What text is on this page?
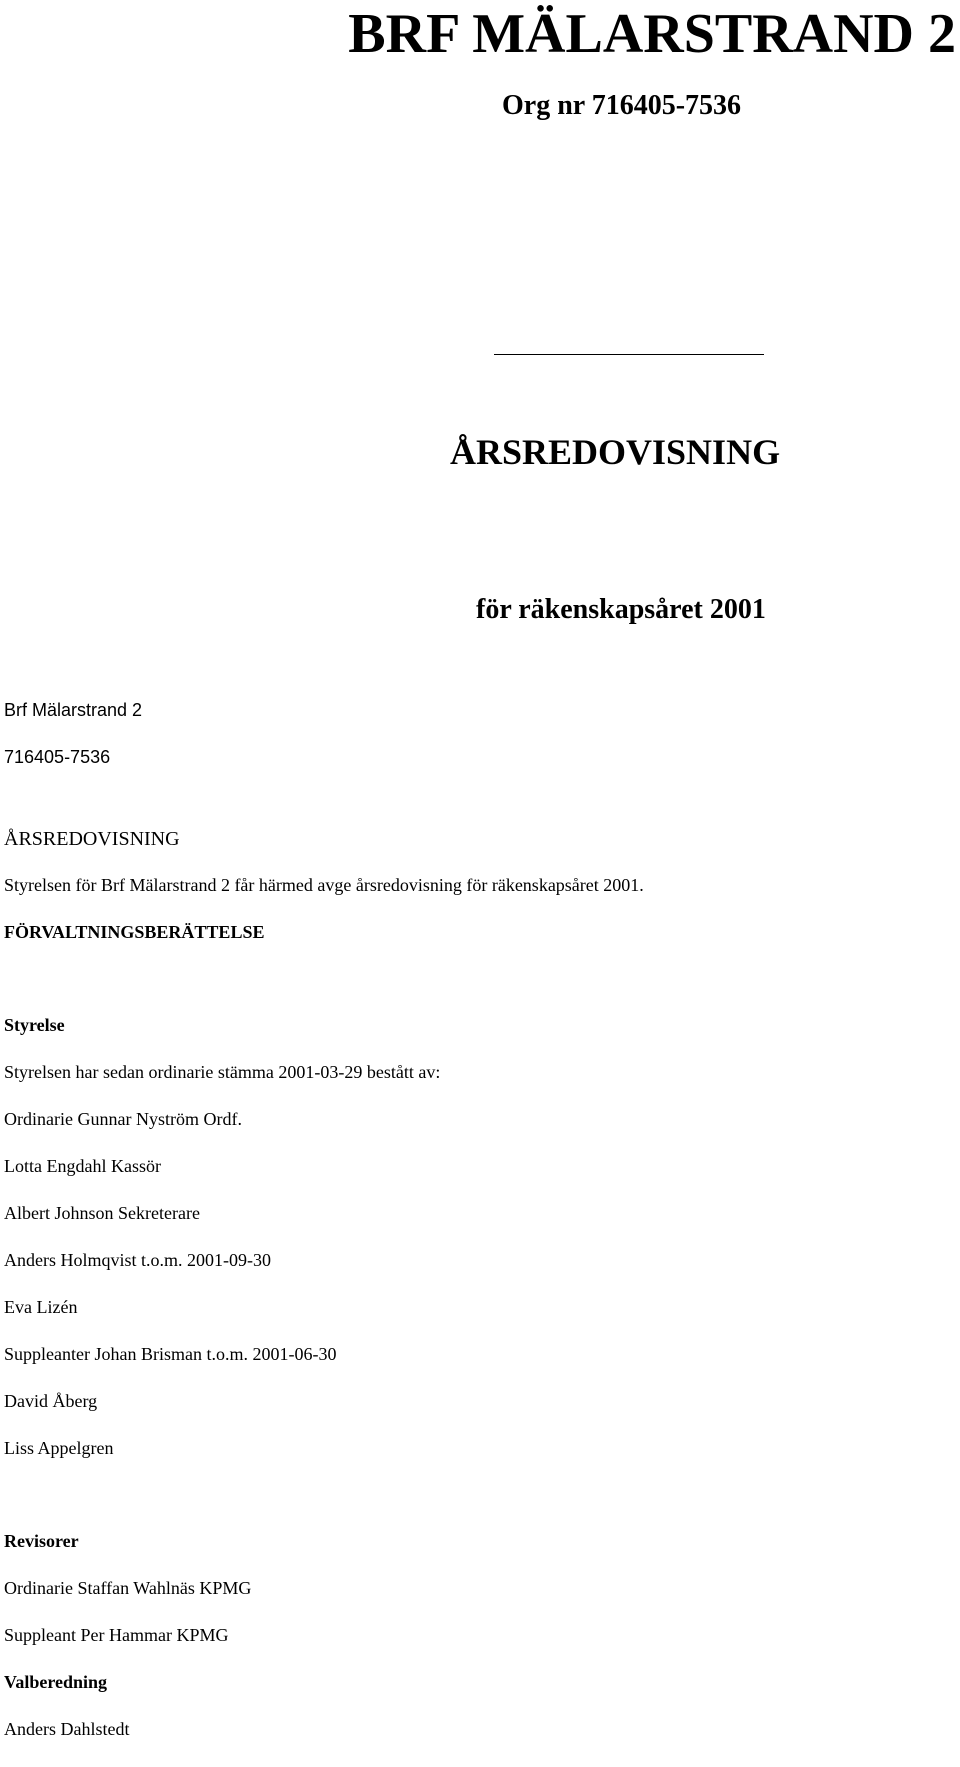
BRF MÄLARSTRAND 2
Org nr 716405-7536
ÅRSREDOVISNING
för räkenskapsåret 2001
Brf Mälarstrand 2
716405-7536
ÅRSREDOVISNING
Styrelsen för Brf Mälarstrand 2 får härmed avge årsredovisning för räkenskapsåret 2001.
FÖRVALTNINGSBERÄTTELSE
Styrelse
Styrelsen har sedan ordinarie stämma 2001-03-29 bestått av:
Ordinarie Gunnar Nyström Ordf.
Lotta Engdahl Kassör
Albert Johnson Sekreterare
Anders Holmqvist t.o.m. 2001-09-30
Eva Lizén
Suppleanter Johan Brisman t.o.m. 2001-06-30
David Åberg
Liss Appelgren
Revisorer
Ordinarie Staffan Wahlnäs KPMG
Suppleant Per Hammar KPMG
Valberedning
Anders Dahlstedt
